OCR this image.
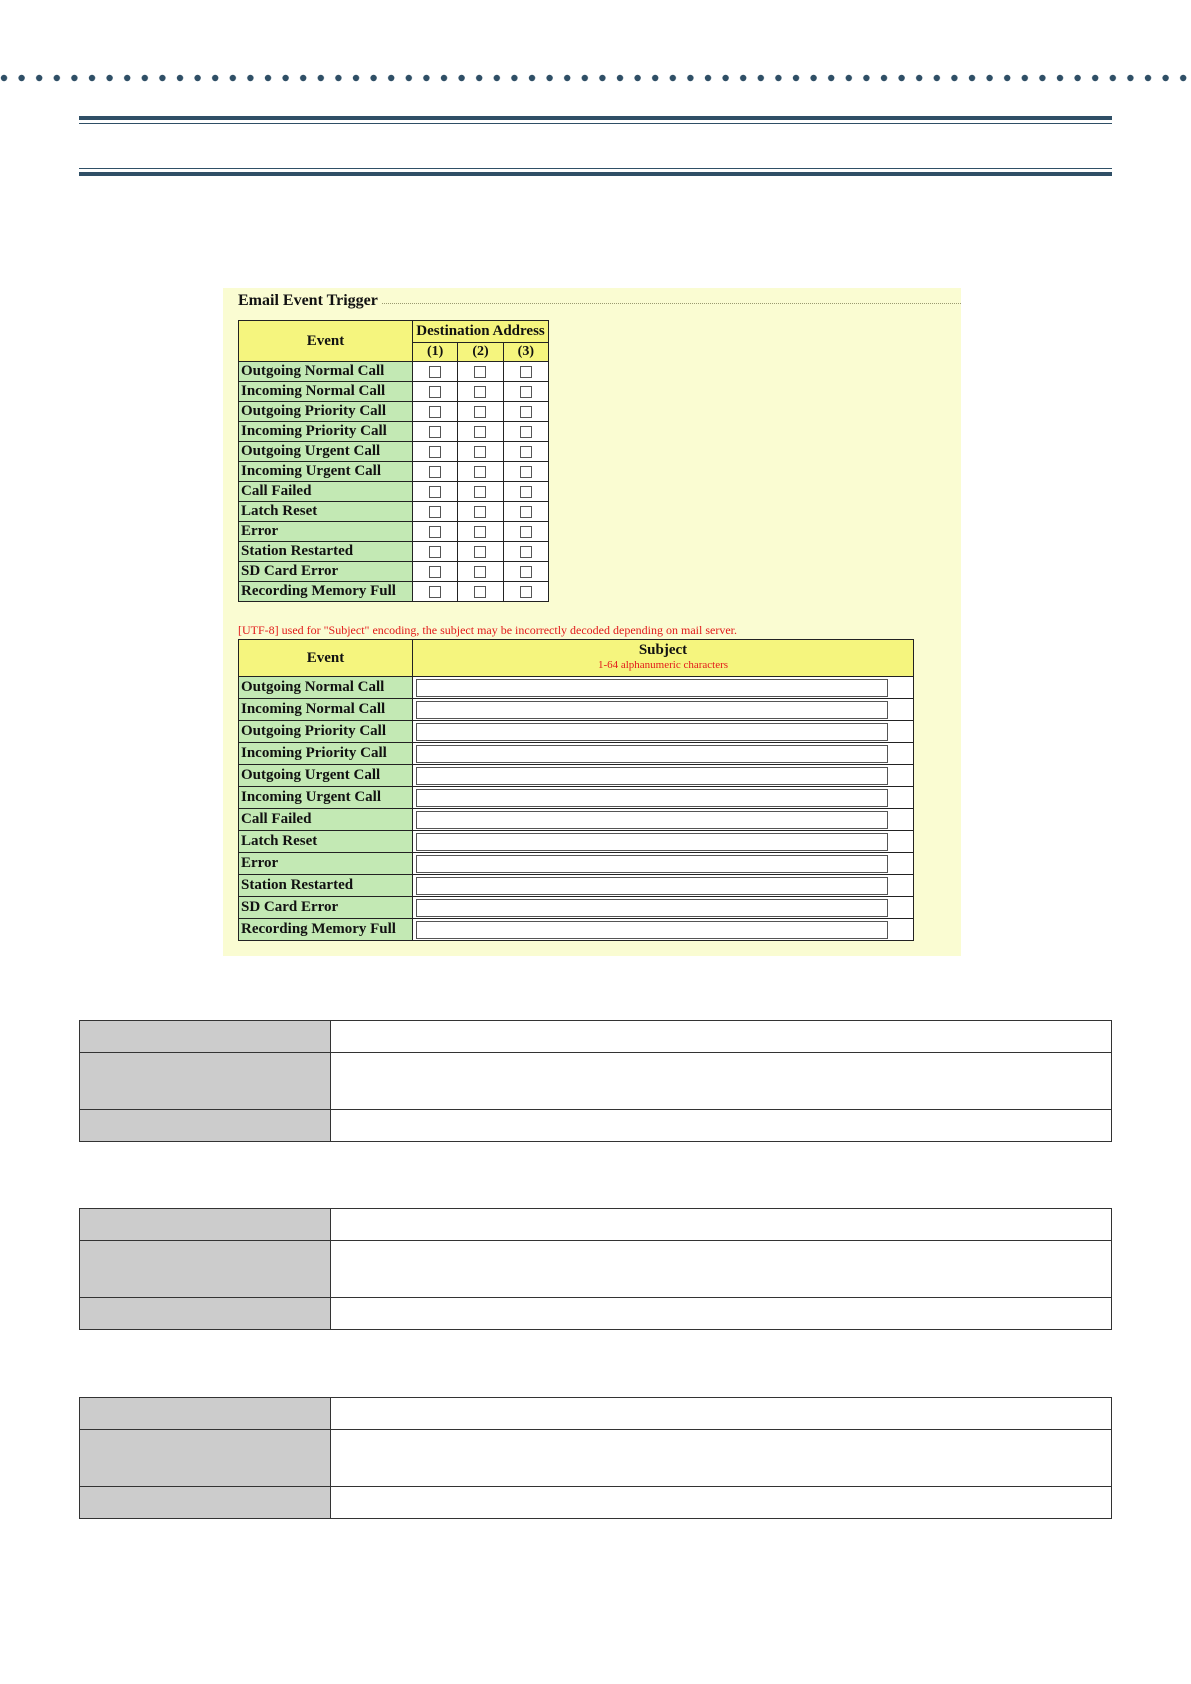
Email Event Trigger
Event	Destination Address		
	(1)	(2)	(3)
Outgoing Normal Call			
Incoming Normal Call			
Outgoing Priority Call			
Incoming Priority Call			
Outgoing Urgent Call			
Incoming Urgent Call			
Call Failed			
Latch Reset			
Error			
Station Restarted			
SD Card Error			
Recording Memory Full			
[UTF-8] used for "Subject" encoding, the subject may be incorrectly decoded depending on mail server.
Event	Subject
1-64 alphanumeric characters

Outgoing Normal Call	

Incoming Normal Call	

Outgoing Priority Call	

Incoming Priority Call	

Outgoing Urgent Call	

Incoming Urgent Call	

Call Failed	

Latch Reset	

Error	

Station Restarted	

SD Card Error	

Recording Memory Full	
